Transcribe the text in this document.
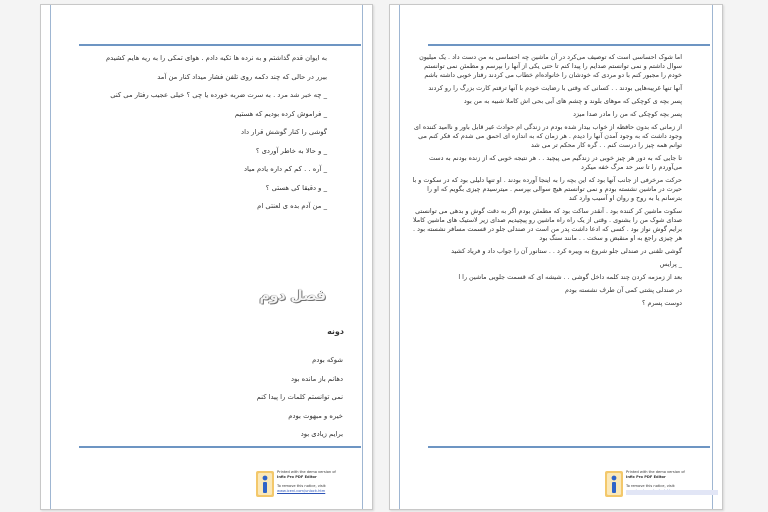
به ایوان قدم گذاشتم و به نرده ها تکیه دادم . هوای تمکی را به ریه هایم کشیدم

بیرر در حالی که چند دکمه روی تلفن فشار میداد کنار من آمد

_ چه خبر شد مرد . به سرت ضربه خورده یا چی ؟ خیلی عجیب رفتار می کنی

_ فراموش کرده بودیم که هستیم

گوشی را کنار گوشش قرار داد

_ و حالا به خاطر آوردی ؟

_ آره . . کم کم داره یادم میاد

_ و دقیقا کی هستی ؟

_ من آدم بده ی لعنتی ام

فصل دوم
دونه

شوکه بودم

دهانم باز مانده بود

نمی توانستم کلمات را پیدا کنم

خیره و مبهوت بودم

برایم زیادی بود

Printed with the demo version of
Infix Pro PDF Editor
To remove this notice, visit:
www.iceni.com/unlock.htm

اما شوک احساسی است که توصیف می‌کرد در آن ماشین چه احساسی به من دست داد . یک میلیون سوال داشتم و نمی توانستم صدایم را پیدا کنم تا حتی یکی از آنها را بپرسم و مطمئن نمی توانستم خودم را مجبور کنم با دو مردی که خودشان را خانواده‌ام خطاب می کردند رفتار خوبی داشته باشم

آنها تنها غریبه‌هایی بودند . . کسانی که وقتی با رضایت خودم با آنها ترفتم کارت بزرگ را رو کردند

پسر بچه ی کوچکی که موهای بلوند و چشم های آبی بحی اش کاملا شبیه به من بود

پسر بچه کوچکی که من را مادر صدا میزد

از زمانی که بدون حافظه از خواب بیدار شده بودم در زندگی ام حوادث غیر قابل باور و ناامید کننده ای وجود داشت که به وجود آمدن آنها را دیدم . هر زمان که به اندازه ای احمق می شدم که فکر کنم می توانم همه چیز را درست کنم . . گره کار محکم تر می شد

تا جایی که به دور هر چیز خوبی در زندگیم می پیچید . . هر نتیجه خوبی که از زنده بودنم به دست می‌آوردم را تا سر حد مرگ خفه میکرد

حرکت مرخرفی از جانب آنها بود که این بچه را به اینجا آورده بودند . او تنها دلیلی بود که در سکوت و با حیرت در ماشین نشسته بودم و نمی توانستم هیچ سوالی بپرسم . میترسیدم چیزی بگویم که او را بترسانم یا به روح و روان او آسیب وارد کند

سکوت ماشین کر کننده بود . آنقدر ساکت بود که مطمئن بودم اگر به دقت گوش و بدهی می توانستی صدای شوک من را بشنوی . وقتی از یک راه راه ماشین رو پیچیدیم صدای زیر لاستیک های ماشین کاملا برایم گوش نواز بود . کسی که ادعا داشت پدر من است در صندلی جلو در قسمت مسافر نشسته بود . هر چیزی راجع به او منقبض و سخت . . مانند سنگ بود

گوشی تلفنی در صندلی جلو شروع به ویبره کرد . . ستانور آن را جواب داد و فریاد کشید

_ پرایس

بعد از زمزمه کردن چند کلمه داخل گوشی . . شیشه ای که قسمت جلویی ماشین را ا

در صندلی پشتی کمی آن طرف نشسته بودم

دوست پسرم ؟

Printed with the demo version of
Infix Pro PDF Editor
To remove this notice, visit:
